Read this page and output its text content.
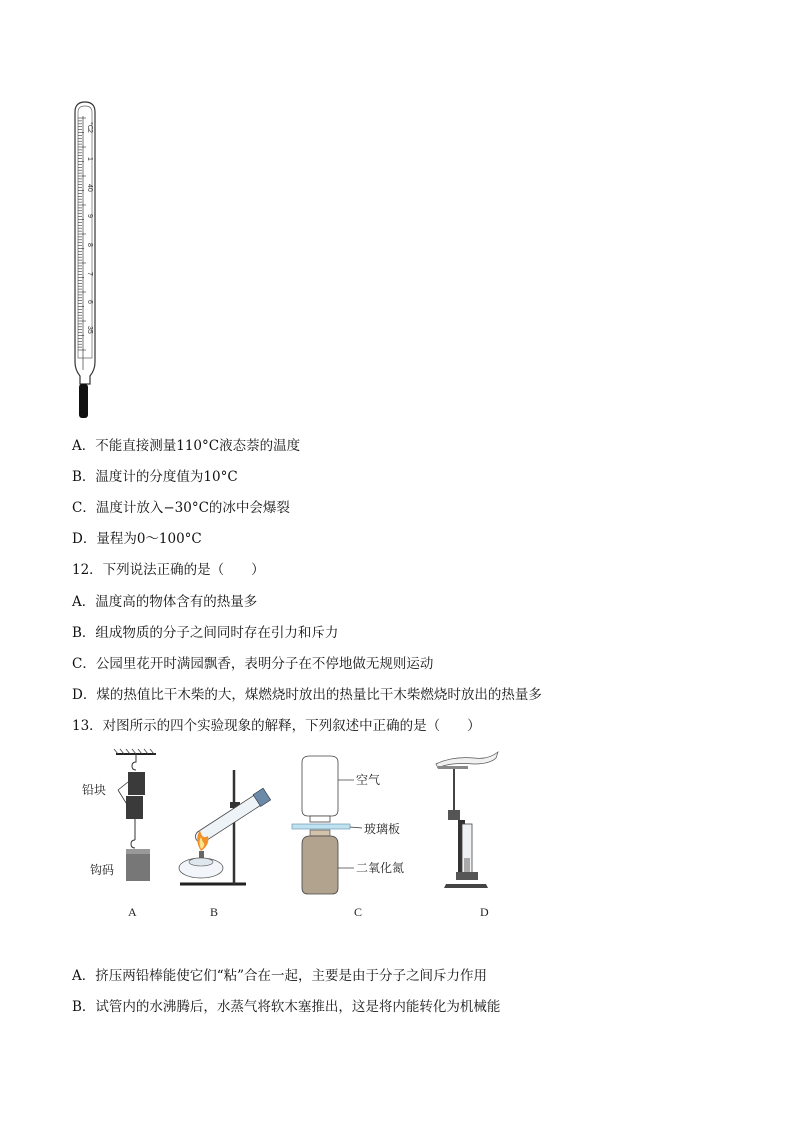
°C
2
1
40
9
8
7
6
35
A．不能直接测量110°C液态萘的温度
B．温度计的分度值为10°C
C．温度计放入−30°C的冰中会爆裂
D．量程为0～100°C
12．下列说法正确的是（　　）
A．温度高的物体含有的热量多
B．组成物质的分子之间同时存在引力和斥力
C．公园里花开时满园飘香，表明分子在不停地做无规则运动
D．煤的热值比干木柴的大，煤燃烧时放出的热量比干木柴燃烧时放出的热量多
13．对图所示的四个实验现象的解释，下列叙述中正确的是（　　）
铅块
钩码
空气
玻璃板
二氧化氮
A	B	C	D
A．挤压两铅棒能使它们“粘”合在一起，主要是由于分子之间斥力作用
B．试管内的水沸腾后，水蒸气将软木塞推出，这是将内能转化为机械能
